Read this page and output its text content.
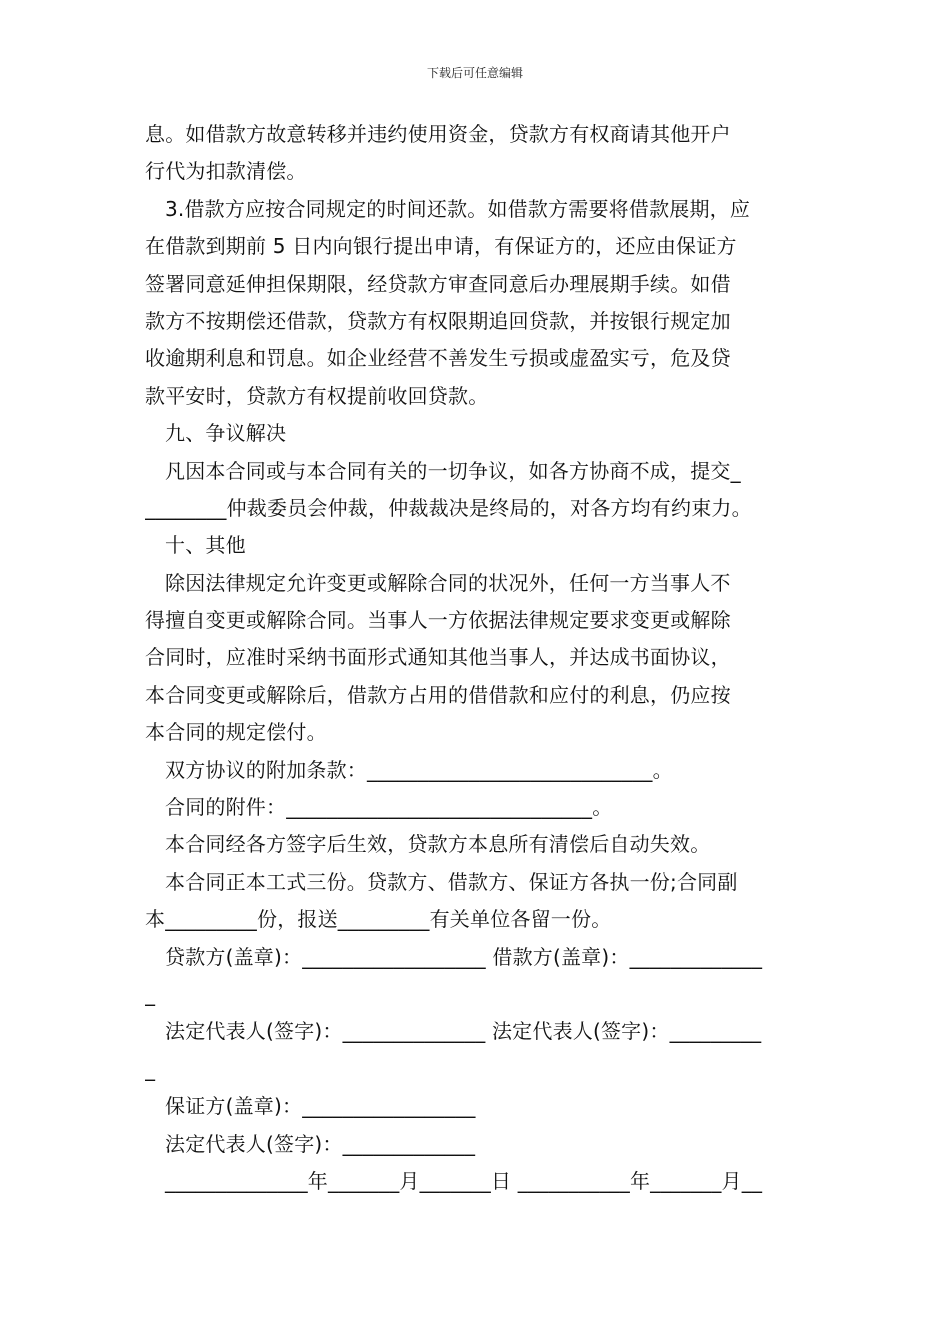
下载后可任意编辑
息。如借款方故意转移并违约使用资金，贷款方有权商请其他开户
行代为扣款清偿。
3.借款方应按合同规定的时间还款。如借款方需要将借款展期，应
在借款到期前 5 日内向银行提出申请，有保证方的，还应由保证方
签署同意延伸担保期限，经贷款方审查同意后办理展期手续。如借
款方不按期偿还借款，贷款方有权限期追回贷款，并按银行规定加
收逾期利息和罚息。如企业经营不善发生亏损或虚盈实亏，危及贷
款平安时，贷款方有权提前收回贷款。
九、争议解决
凡因本合同或与本合同有关的一切争议，如各方协商不成，提交_
________仲裁委员会仲裁，仲裁裁决是终局的，对各方均有约束力。
十、其他
除因法律规定允许变更或解除合同的状况外，任何一方当事人不
得擅自变更或解除合同。当事人一方依据法律规定要求变更或解除
合同时，应准时采纳书面形式通知其他当事人，并达成书面协议，
本合同变更或解除后，借款方占用的借借款和应付的利息，仍应按
本合同的规定偿付。
双方协议的附加条款：____________________________。
合同的附件：______________________________。
本合同经各方签字后生效，贷款方本息所有清偿后自动失效。
本合同正本工式三份。贷款方、借款方、保证方各执一份;合同副
本_________份，报送_________有关单位各留一份。
贷款方(盖章)：__________________ 借款方(盖章)：_____________
_
法定代表人(签字)：______________ 法定代表人(签字)：_________
_
保证方(盖章)：_________________
法定代表人(签字)：_____________
______________年_______月_______日 ___________年_______月__
